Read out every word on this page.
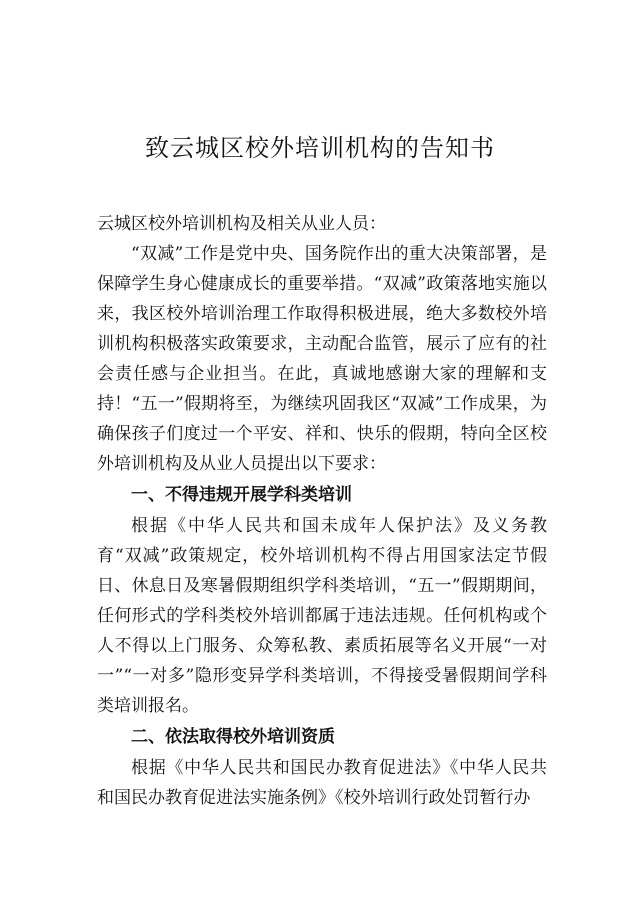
致云城区校外培训机构的告知书

云城区校外培训机构及相关从业人员：

“双减”工作是党中央、国务院作出的重大决策部署，是保障学生身心健康成长的重要举措。“双减”政策落地实施以来，我区校外培训治理工作取得积极进展，绝大多数校外培训机构积极落实政策要求，主动配合监管，展示了应有的社会责任感与企业担当。在此，真诚地感谢大家的理解和支持！“五一”假期将至，为继续巩固我区“双减”工作成果，为确保孩子们度过一个平安、祥和、快乐的假期，特向全区校外培训机构及从业人员提出以下要求：

一、不得违规开展学科类培训

根据《中华人民共和国未成年人保护法》及义务教育“双减”政策规定，校外培训机构不得占用国家法定节假日、休息日及寒暑假期组织学科类培训，“五一”假期期间，任何形式的学科类校外培训都属于违法违规。任何机构或个人不得以上门服务、众筹私教、素质拓展等名义开展“一对一”“一对多”隐形变异学科类培训，不得接受暑假期间学科类培训报名。

二、依法取得校外培训资质

根据《中华人民共和国民办教育促进法》《中华人民共和国民办教育促进法实施条例》《校外培训行政处罚暂行办
